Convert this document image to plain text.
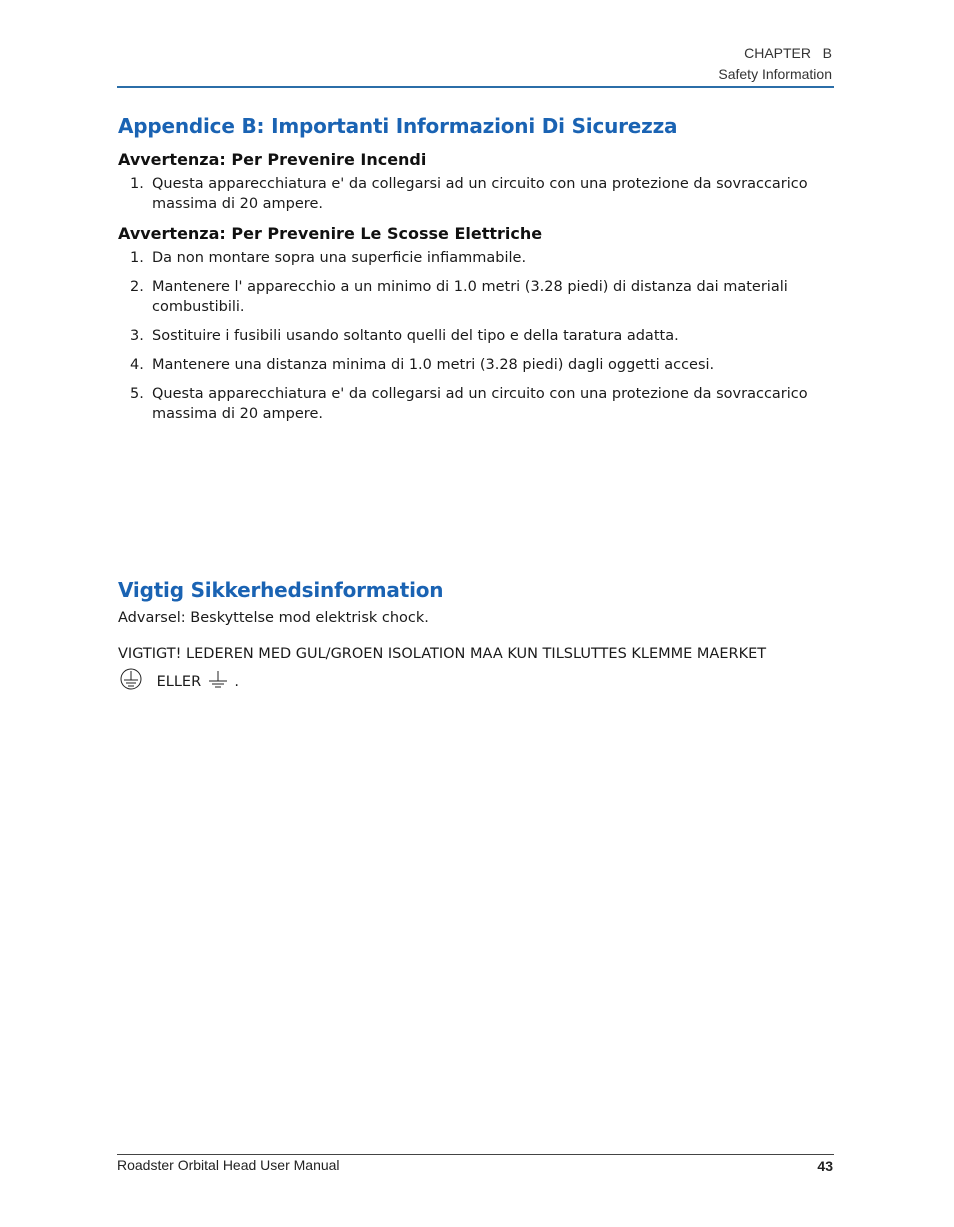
CHAPTER   B
Safety Information
Appendice B: Importanti Informazioni Di Sicurezza
Avvertenza: Per Prevenire Incendi
1. Questa apparecchiatura e' da collegarsi ad un circuito con una protezione da sovraccarico massima di 20 ampere.
Avvertenza: Per Prevenire Le Scosse Elettriche
1. Da non montare sopra una superficie infiammabile.
2. Mantenere l' apparecchio a un minimo di 1.0 metri (3.28 piedi) di distanza dai materiali combustibili.
3. Sostituire i fusibili usando soltanto quelli del tipo e della taratura adatta.
4. Mantenere una distanza minima di 1.0 metri (3.28 piedi) dagli oggetti accesi.
5. Questa apparecchiatura e' da collegarsi ad un circuito con una protezione da sovraccarico massima di 20 ampere.
Vigtig Sikkerhedsinformation
Advarsel: Beskyttelse mod elektrisk chock.
VIGTIGT! LEDEREN MED GUL/GROEN ISOLATION MAA KUN TILSLUTTES KLEMME MAERKET
ELLER .
Roadster Orbital Head User Manual	43
